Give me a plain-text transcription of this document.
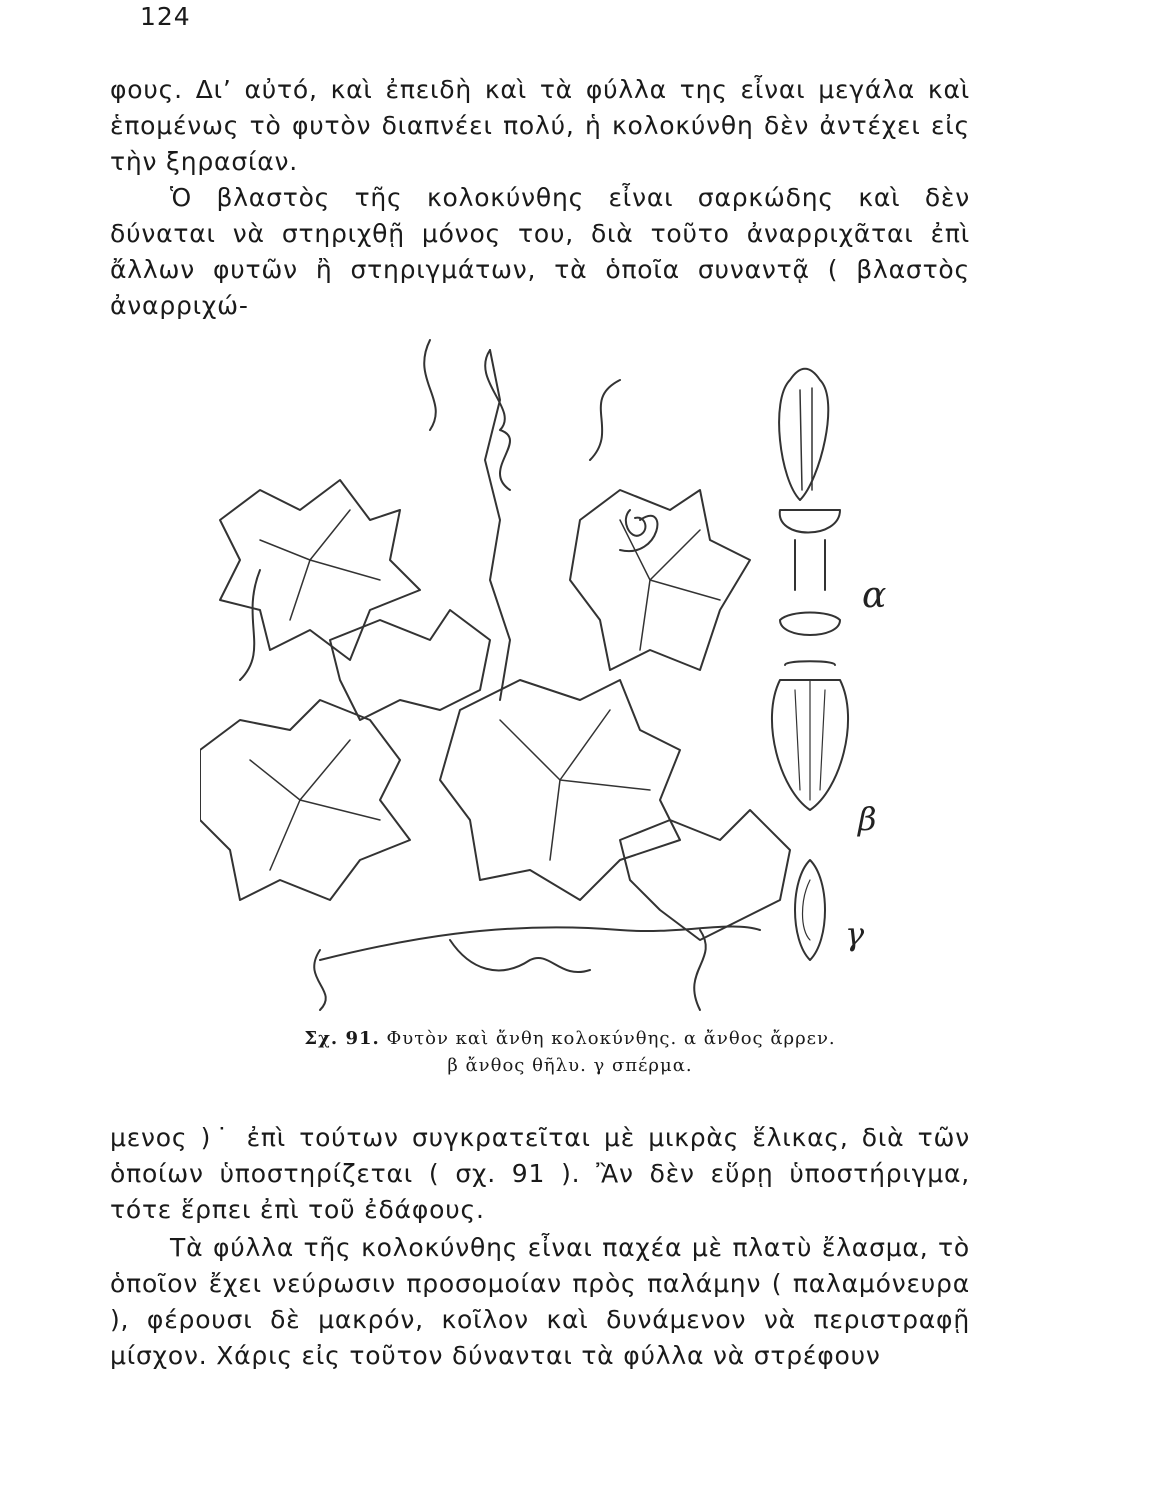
124

φους. Δι’ αὐτό, καὶ ἐπειδὴ καὶ τὰ φύλλα της εἶναι μεγάλα καὶ ἑπομένως τὸ φυτὸν διαπνέει πολύ, ἡ κολοκύνθη δὲν ἀντέχει εἰς τὴν ξηρασίαν.

Ὁ βλαστὸς τῆς κολοκύνθης εἶναι σαρκώδης καὶ δὲν δύναται νὰ στηριχθῇ μόνος του, διὰ τοῦτο ἀναρριχᾶται ἐπὶ ἄλλων φυτῶν ἢ στηριγμάτων, τὰ ὁποῖα συναντᾷ ( βλαστὸς ἀναρριχώ-

α
β
γ
Σχ. 91. Φυτὸν καὶ ἄνθη κολοκύνθης. α ἄνθος ἄρρεν.
β ἄνθος θῆλυ. γ σπέρμα.

μενος )˙ ἐπὶ τούτων συγκρατεῖται μὲ μικρὰς ἕλικας, διὰ τῶν ὁποίων ὑποστηρίζεται ( σχ. 91 ). Ἂν δὲν εὕρῃ ὑποστήριγμα, τότε ἕρπει ἐπὶ τοῦ ἐδάφους.

Τὰ φύλλα τῆς κολοκύνθης εἶναι παχέα μὲ πλατὺ ἔλασμα, τὸ ὁποῖον ἔχει νεύρωσιν προσομοίαν πρὸς παλάμην ( παλαμόνευρα ), φέρουσι δὲ μακρόν, κοῖλον καὶ δυνάμενον νὰ περιστραφῇ μίσχον. Χάρις εἰς τοῦτον δύνανται τὰ φύλλα νὰ στρέφουν
